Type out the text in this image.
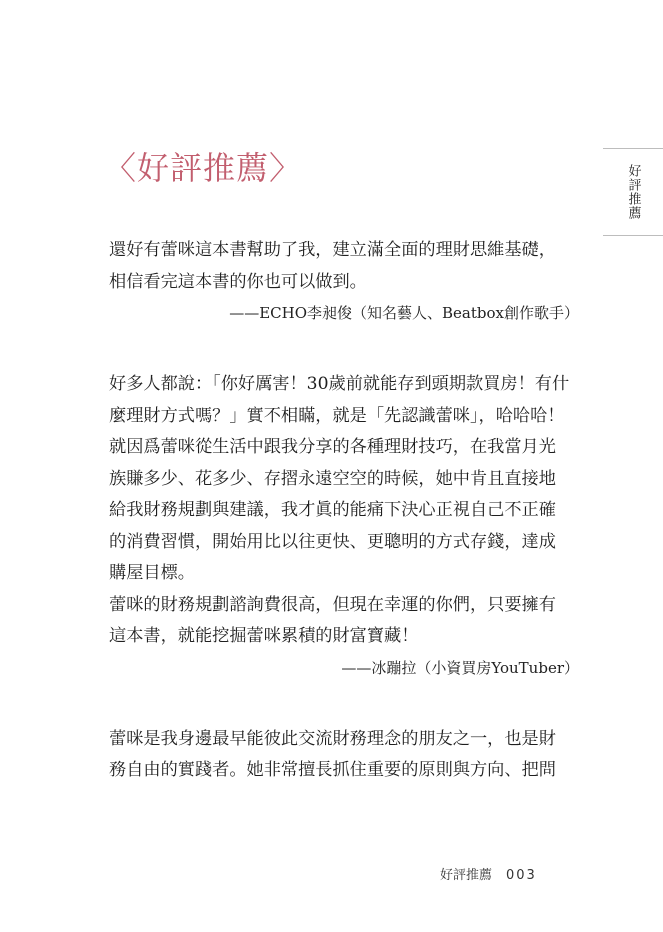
〈好評推薦〉	好評推薦

還好有蕾咪這本書幫助了我，建立滿全面的理財思維基礎，
相信看完這本書的你也可以做到。

——ECHO李昶俊（知名藝人、Beatbox創作歌手）

好多人都說：「你好厲害！30歲前就能存到頭期款買房！有什
麼理財方式嗎？」實不相瞞，就是「先認識蕾咪」，哈哈哈！
就因爲蕾咪從生活中跟我分享的各種理財技巧，在我當月光
族賺多少、花多少、存摺永遠空空的時候，她中肯且直接地
給我財務規劃與建議，我才眞的能痛下決心正視自己不正確
的消費習慣，開始用比以往更快、更聰明的方式存錢，達成
購屋目標。
蕾咪的財務規劃諮詢費很高，但現在幸運的你們，只要擁有
這本書，就能挖掘蕾咪累積的財富寶藏！

——冰蹦拉（小資買房YouTuber）

蕾咪是我身邊最早能彼此交流財務理念的朋友之一，也是財
務自由的實踐者。她非常擅長抓住重要的原則與方向、把問

好評推薦 003
